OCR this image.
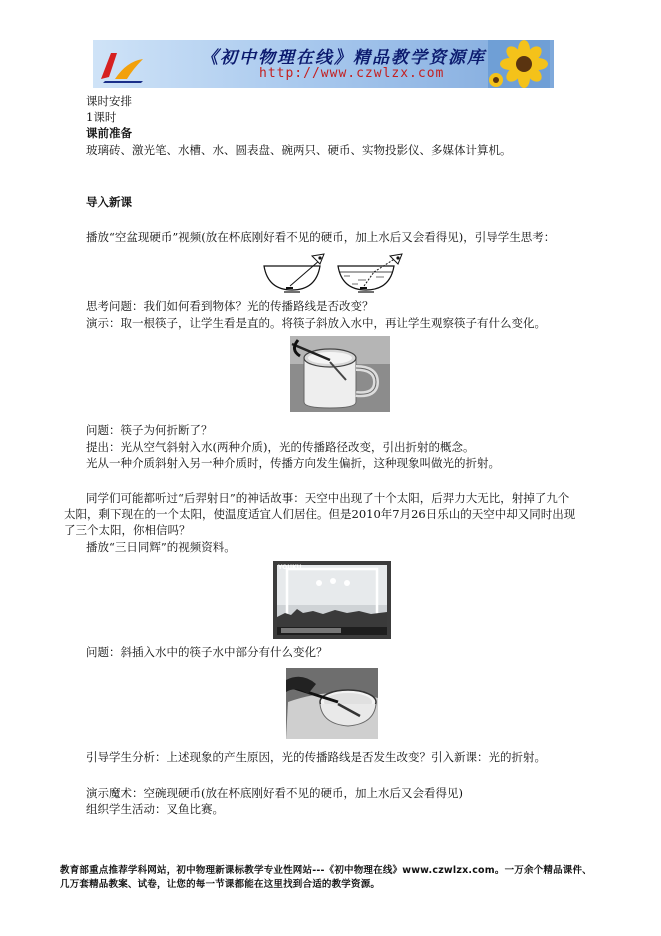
《初中物理在线》精品教学资源库
http://www.czwlzx.com
课时安排
1课时
课前准备
玻璃砖、激光笔、水槽、水、圆表盘、碗两只、硬币、实物投影仪、多媒体计算机。
导入新课
播放“空盆现硬币”视频(放在杯底刚好看不见的硬币，加上水后又会看得见)，引导学生思考：
思考问题：我们如何看到物体？光的传播路线是否改变？
演示：取一根筷子，让学生看是直的。将筷子斜放入水中，再让学生观察筷子有什么变化。
问题：筷子为何折断了？
提出：光从空气斜射入水(两种介质)，光的传播路径改变，引出折射的概念。
光从一种介质斜射入另一种介质时，传播方向发生偏折，这种现象叫做光的折射。
同学们可能都听过“后羿射日”的神话故事：天空中出现了十个太阳，后羿力大无比，射掉了九个
太阳，剩下现在的一个太阳，使温度适宜人们居住。但是2010年7月26日乐山的天空中却又同时出现
了三个太阳，你相信吗？
播放“三日同辉”的视频资料。
YOUKU
问题：斜插入水中的筷子水中部分有什么变化？
引导学生分析：上述现象的产生原因，光的传播路线是否发生改变？引入新课：光的折射。
演示魔术：空碗现硬币(放在杯底刚好看不见的硬币，加上水后又会看得见)
组织学生活动：叉鱼比赛。
教育部重点推荐学科网站，初中物理新课标教学专业性网站---《初中物理在线》www.czwlzx.com。一万余个精品课件、
几万套精品教案、试卷，让您的每一节课都能在这里找到合适的教学资源。
